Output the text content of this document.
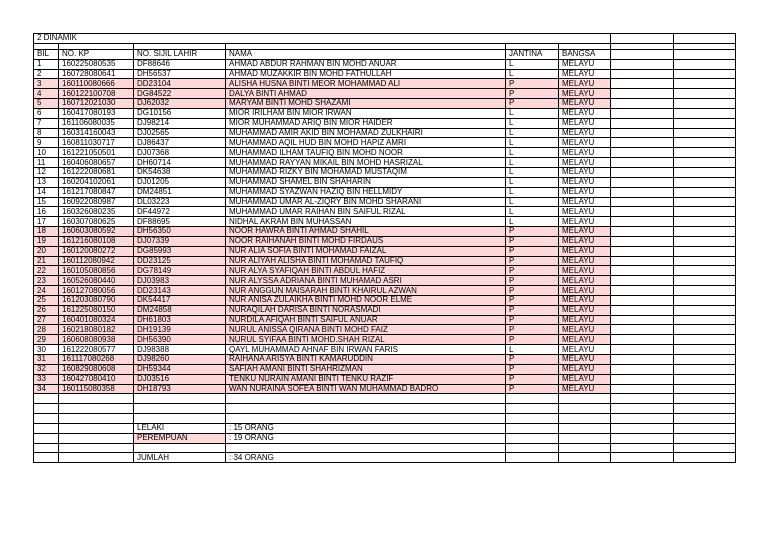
2 DINAMIK							

BIL	NO. KP	NO. SIJIL LAHIR	NAMA	JANTINA	BANGSA		
1	160225080535	DF88646	AHMAD ABDUR RAHMAN BIN MOHD ANUAR	L	MELAYU		
2	160728080641	DH56537	AHMAD MUZAKKIR BIN MOHD FATHULLAH	L	MELAYU		
3	160110080666	DD23104	ALISHA HUSNA BINTI MEOR MOHAMMAD ALI	P	MELAYU		
4	160122100708	DG84522	DALYA BINTI AHMAD	P	MELAYU		
5	160712021030	DJ62032	MARYAM BINTI MOHD SHAZAMI	P	MELAYU		
6	160417080193	DG10156	MIOR IRILHAM BIN MIOR IRWAN	L	MELAYU		
7	161106080035	DJ98214	MIOR MUHAMMAD ARIQ BIN MIOR HAIDER	L	MELAYU		
8	160314160043	DJ02565	MUHAMMAD AMIR AKID BIN MOHAMAD ZULKHAIRI	L	MELAYU		
9	160811030717	DJ86437	MUHAMMAD AQIL HUD BIN MOHD HAPIZ AMRI	L	MELAYU		
10	161221050501	DJ07368	MUHAMMAD ILHAM TAUFIQ BIN MOHD NOOR	L	MELAYU		
11	160406080657	DH60714	MUHAMMAD RAYYAN MIKAIL BIN MOHD HASRIZAL	L	MELAYU		
12	161222080681	DK54638	MUHAMMAD RIZKY BIN MOHAMAD MUSTAQIM	L	MELAYU		
13	160204102061	DJ01205	MUHAMMAD SHAMEL BIN SHAHARIN	L	MELAYU		
14	161217080847	DM24851	MUHAMMAD SYAZWAN HAZIQ BIN HELLMIDY	L	MELAYU		
15	160922080987	DL03223	MUHAMMAD UMAR AL-ZIQRY BIN MOHD SHARANI	L	MELAYU		
16	160326080235	DF44972	MUHAMMAD UMAR RAIHAN BIN SAIFUL RIZAL	L	MELAYU		
17	160307080625	DF88695	NIDHAL AKRAM BIN MUHASSAN	L	MELAYU		
18	160603080592	DH56350	NOOR HAWRA BINTI AHMAD SHAHIL	P	MELAYU		
19	161216080108	DJ07339	NOOR RAIHANAH BINTI MOHD FIRDAUS	P	MELAYU		
20	160120080272	DG85993	NUR ALIA SOFIA BINTI MOHAMAD FAIZAL	P	MELAYU		
21	160112080942	DD23125	NUR ALIYAH ALISHA BINTI MOHAMAD TAUFIQ	P	MELAYU		
22	160105080856	DG78149	NUR ALYA SYAFIQAH BINTI ABDUL HAFIZ	P	MELAYU		
23	160526080440	DJ03983	NUR ALYSSA ADRIANA BINTI MUHAMAD ASRI	P	MELAYU		
24	160127080056	DD23143	NUR ANGGUN MAISARAH BINTI KHAIRUL AZWAN	P	MELAYU		
25	161203080790	DK54417	NUR ANISA ZULAIKHA BINTI MOHD NOOR ELME	P	MELAYU		
26	161225080150	DM24858	NURAQILAH DARISA BINTI NORASMADI	P	MELAYU		
27	160401080324	DH61803	NURDILA AFIQAH BINTI SAIFUL ANUAR	P	MELAYU		
28	160218080182	DH19139	NURUL ANISSA QIRANA BINTI MOHD FAIZ	P	MELAYU		
29	160608080938	DH56390	NURUL SYIFAA BINTI MOHD.SHAH RIZAL	P	MELAYU		
30	161222080577	DJ98388	QAYL MUHAMMAD AHNAF BIN IRWAN FARIS	L	MELAYU		
31	161117080268	DJ98260	RAIHANA ARISYA BINTI KAMARUDDIN	P	MELAYU		
32	160829080608	DH59344	SAFIAH AMANI BINTI SHAHRIZMAN	P	MELAYU		
33	160427080410	DJ03516	TENKU NURAIN AMANI BINTI TENKU RAZIF	P	MELAYU		
34	160115080358	DH18793	WAN NURAINA SOFEA BINTI WAN MUHAMMAD BADRO	P	MELAYU		

		LELAKI	: 15 ORANG				
		PEREMPUAN	: 19 ORANG				

		JUMLAH	: 34 ORANG				
